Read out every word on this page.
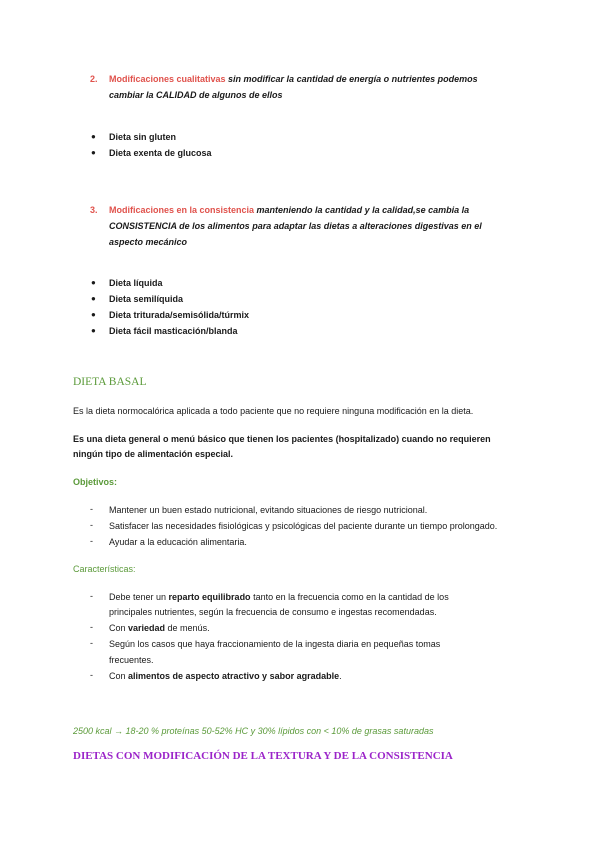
2. Modificaciones cualitativas sin modificar la cantidad de energía o nutrientes podemos
cambiar la CALIDAD de algunos de ellos
● Dieta sin gluten
● Dieta exenta de glucosa
3. Modificaciones en la consistencia manteniendo la cantidad y la calidad,se cambia la
CONSISTENCIA de los alimentos para adaptar las dietas a alteraciones digestivas en el
aspecto mecánico
● Dieta líquida
● Dieta semilíquida
● Dieta triturada/semisólida/túrmix
● Dieta fácil masticación/blanda
DIETA BASAL
Es la dieta normocalórica aplicada a todo paciente que no requiere ninguna modificación en la dieta.
Es una dieta general o menú básico que tienen los pacientes (hospitalizado) cuando no requieren
ningún tipo de alimentación especial.
Objetivos:
- Mantener un buen estado nutricional, evitando situaciones de riesgo nutricional.
- Satisfacer las necesidades fisiológicas y psicológicas del paciente durante un tiempo prolongado.
- Ayudar a la educación alimentaria.
Características:
- Debe tener un reparto equilibrado tanto en la frecuencia como en la cantidad de los
principales nutrientes, según la frecuencia de consumo e ingestas recomendadas.
- Con variedad de menús.
- Según los casos que haya fraccionamiento de la ingesta diaria en pequeñas tomas
frecuentes.
- Con alimentos de aspecto atractivo y sabor agradable.
2500 kcal → 18-20 % proteínas 50-52% HC y 30% lípidos con < 10% de grasas saturadas
DIETAS CON MODIFICACIÓN DE LA TEXTURA Y DE LA CONSISTENCIA
